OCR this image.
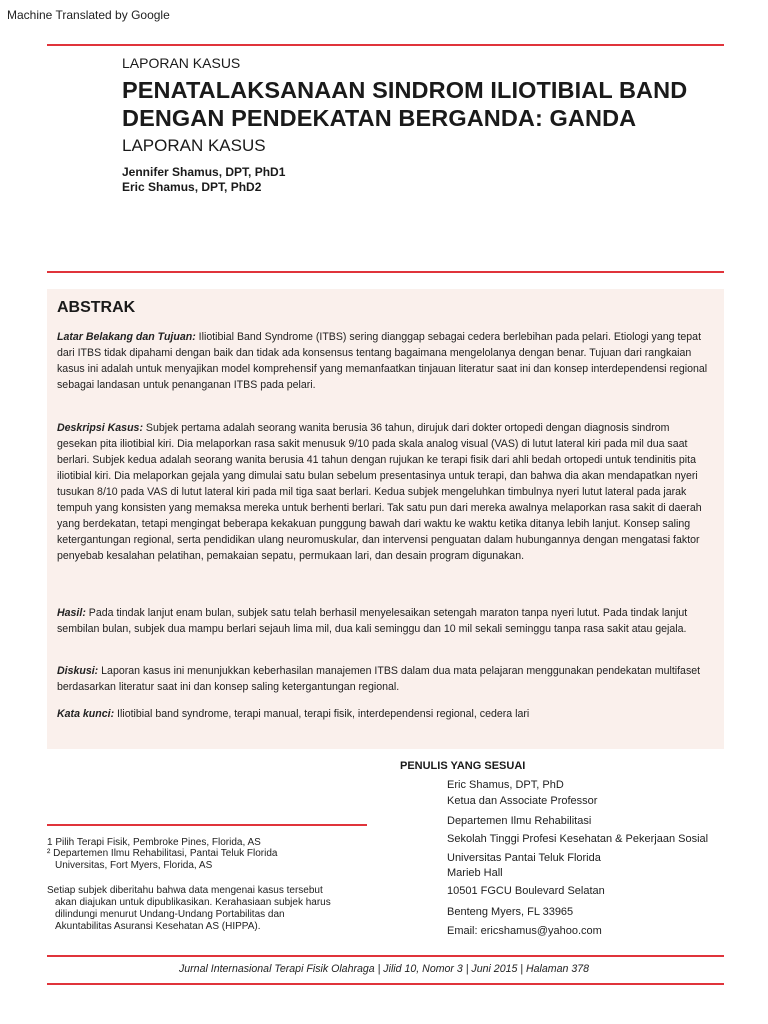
Machine Translated by Google
LAPORAN KASUS
PENATALAKSANAAN SINDROM ILIOTIBIAL BAND
DENGAN PENDEKATAN BERGANDA: GANDA
LAPORAN KASUS
Jennifer Shamus, DPT, PhD1
Eric Shamus, DPT, PhD2
ABSTRAK
Latar Belakang dan Tujuan: Iliotibial Band Syndrome (ITBS) sering dianggap sebagai cedera berlebihan pada pelari. Etiologi yang tepat dari ITBS tidak dipahami dengan baik dan tidak ada konsensus tentang bagaimana mengelolanya dengan benar. Tujuan dari rangkaian kasus ini adalah untuk menyajikan model komprehensif yang memanfaatkan tinjauan literatur saat ini dan konsep interdependensi regional sebagai landasan untuk penanganan ITBS pada pelari.
Deskripsi Kasus: Subjek pertama adalah seorang wanita berusia 36 tahun, dirujuk dari dokter ortopedi dengan diagnosis sindrom gesekan pita iliotibial kiri. Dia melaporkan rasa sakit menusuk 9/10 pada skala analog visual (VAS) di lutut lateral kiri pada mil dua saat berlari. Subjek kedua adalah seorang wanita berusia 41 tahun dengan rujukan ke terapi fisik dari ahli bedah ortopedi untuk tendinitis pita iliotibial kiri. Dia melaporkan gejala yang dimulai satu bulan sebelum presentasinya untuk terapi, dan bahwa dia akan mendapatkan nyeri tusukan 8/10 pada VAS di lutut lateral kiri pada mil tiga saat berlari. Kedua subjek mengeluhkan timbulnya nyeri lutut lateral pada jarak tempuh yang konsisten yang memaksa mereka untuk berhenti berlari. Tak satu pun dari mereka awalnya melaporkan rasa sakit di daerah yang berdekatan, tetapi mengingat beberapa kekakuan punggung bawah dari waktu ke waktu ketika ditanya lebih lanjut. Konsep saling ketergantungan regional, serta pendidikan ulang neuromuskular, dan intervensi penguatan dalam hubungannya dengan mengatasi faktor penyebab kesalahan pelatihan, pemakaian sepatu, permukaan lari, dan desain program digunakan.
Hasil: Pada tindak lanjut enam bulan, subjek satu telah berhasil menyelesaikan setengah maraton tanpa nyeri lutut. Pada tindak lanjut sembilan bulan, subjek dua mampu berlari sejauh lima mil, dua kali seminggu dan 10 mil sekali seminggu tanpa rasa sakit atau gejala.
Diskusi: Laporan kasus ini menunjukkan keberhasilan manajemen ITBS dalam dua mata pelajaran menggunakan pendekatan multifaset berdasarkan literatur saat ini dan konsep saling ketergantungan regional.
Kata kunci: Iliotibial band syndrome, terapi manual, terapi fisik, interdependensi regional, cedera lari
PENULIS YANG SESUAI
Eric Shamus, DPT, PhD
Ketua dan Associate Professor
Departemen Ilmu Rehabilitasi
Sekolah Tinggi Profesi Kesehatan & Pekerjaan Sosial
Universitas Pantai Teluk Florida
Marieb Hall
10501 FGCU Boulevard Selatan
Benteng Myers, FL 33965
Email: ericshamus@yahoo.com
1 Pilih Terapi Fisik, Pembroke Pines, Florida, AS
² Departemen Ilmu Rehabilitasi, Pantai Teluk Florida
Universitas, Fort Myers, Florida, AS
Setiap subjek diberitahu bahwa data mengenai kasus tersebut
akan diajukan untuk dipublikasikan. Kerahasiaan subjek harus
dilindungi menurut Undang-Undang Portabilitas dan
Akuntabilitas Asuransi Kesehatan AS (HIPPA).
Jurnal Internasional Terapi Fisik Olahraga | Jilid 10, Nomor 3 | Juni 2015 | Halaman 378
